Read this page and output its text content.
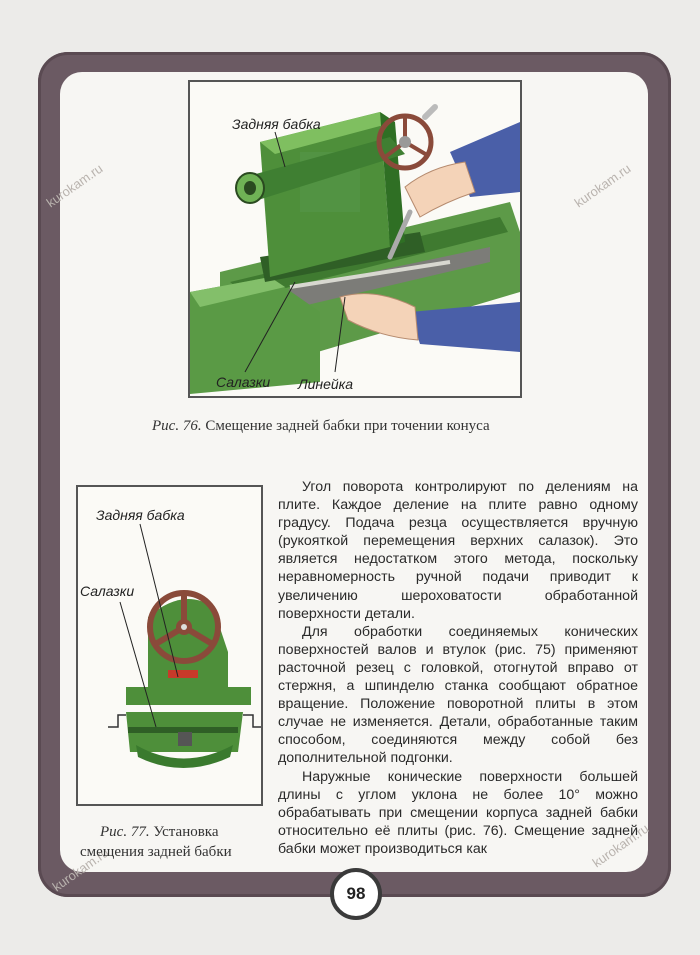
kurokam.ru	kurokam.ru
kurokam.ru	kurokam.ru
Задняя бабка
Салазки Линейка
Рис. 76. Смещение задней бабки при точении конуса
Задняя бабка
Салазки
Рис. 77. Установка
смещения задней бабки

Угол поворота контролируют по делениям на плите. Каждое деление на плите равно одному градусу. Подача резца осуществляется вручную (рукояткой перемещения верхних салазок). Это является недостатком этого метода, поскольку неравномерность ручной подачи приводит к увеличению шероховатости обработанной поверхности детали.

Для обработки соединяемых конических поверхностей валов и втулок (рис. 75) применяют расточной резец с головкой, отогнутой вправо от стержня, а шпинделю станка сообщают обратное вращение. Положение поворотной плиты в этом случае не изменяется. Детали, обработанные таким способом, соединяются между собой без дополнительной подгонки.

Наружные конические поверхности большей длины с углом уклона не более 10° можно обрабатывать при смещении корпуса задней бабки относительно её плиты (рис. 76). Смещение задней бабки может производиться как

98
